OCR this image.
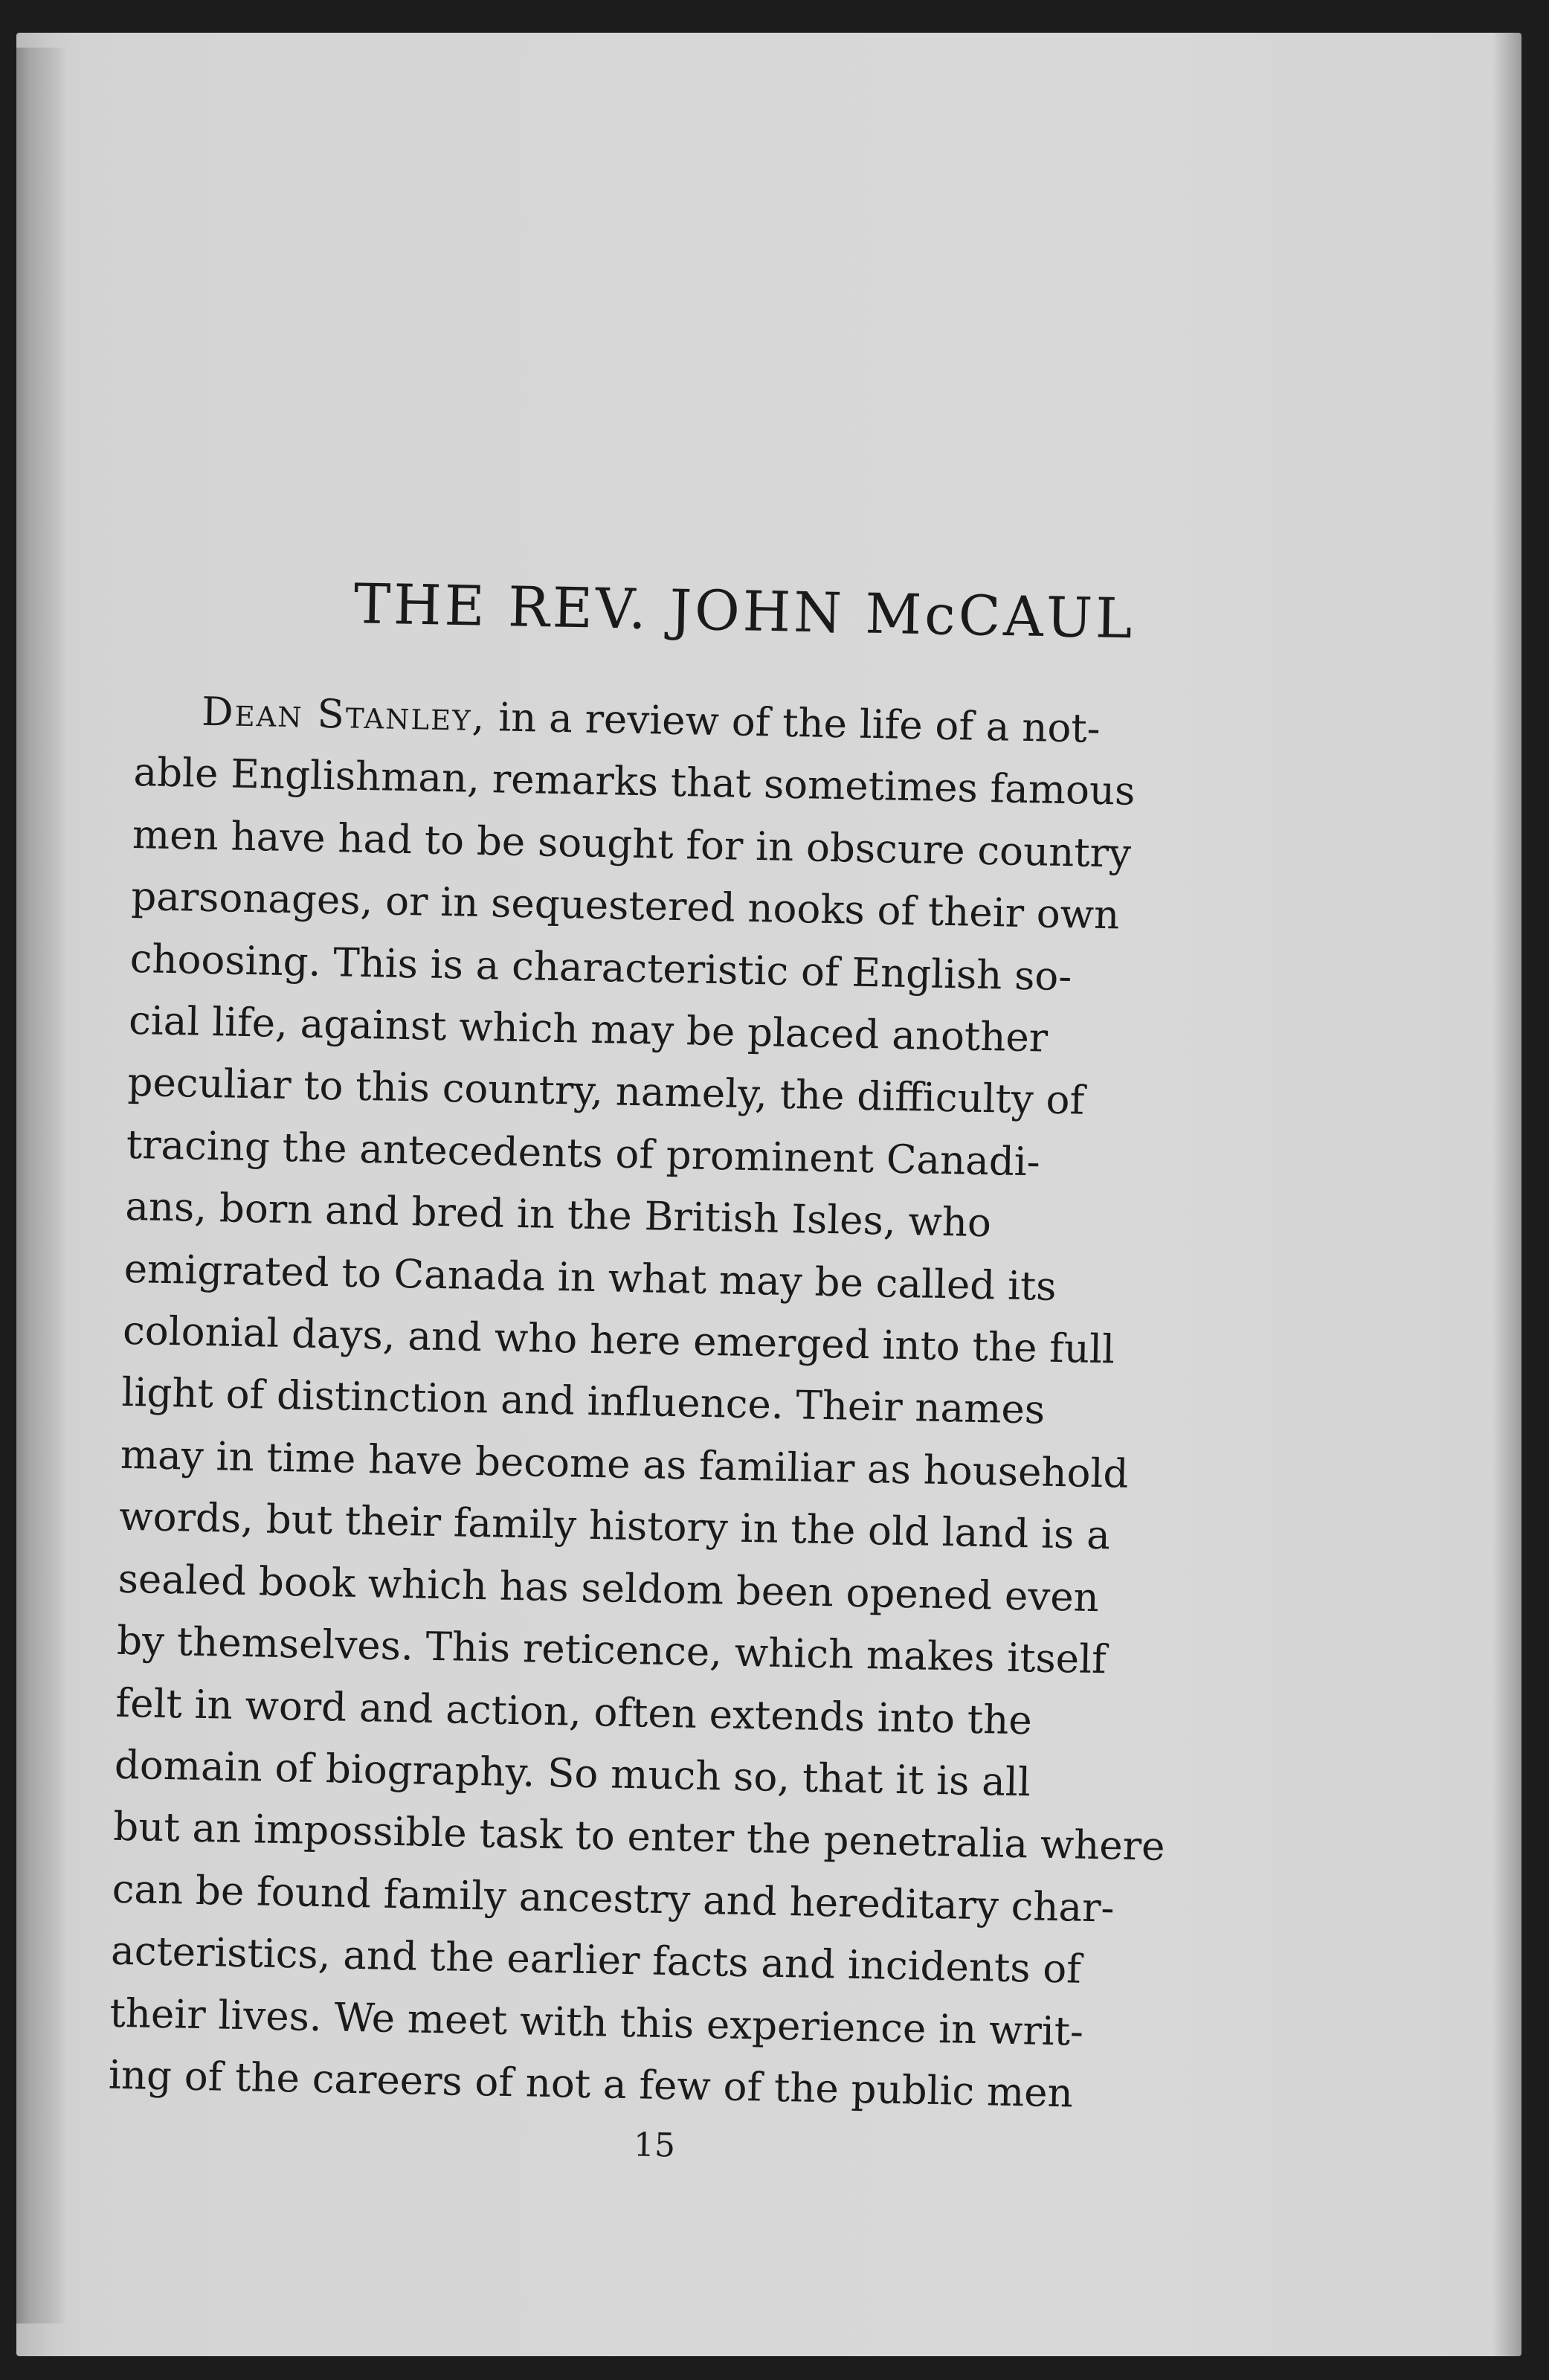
THE REV. JOHN McCAUL
Dean Stanley, in a review of the life of a not-
able Englishman, remarks that sometimes famous
men have had to be sought for in obscure country
parsonages, or in sequestered nooks of their own
choosing. This is a characteristic of English so-
cial life, against which may be placed another
peculiar to this country, namely, the difficulty of
tracing the antecedents of prominent Canadi-
ans, born and bred in the British Isles, who
emigrated to Canada in what may be called its
colonial days, and who here emerged into the full
light of distinction and influence. Their names
may in time have become as familiar as household
words, but their family history in the old land is a
sealed book which has seldom been opened even
by themselves. This reticence, which makes itself
felt in word and action, often extends into the
domain of biography. So much so, that it is all
but an impossible task to enter the penetralia where
can be found family ancestry and hereditary char-
acteristics, and the earlier facts and incidents of
their lives. We meet with this experience in writ-
ing of the careers of not a few of the public men
15
